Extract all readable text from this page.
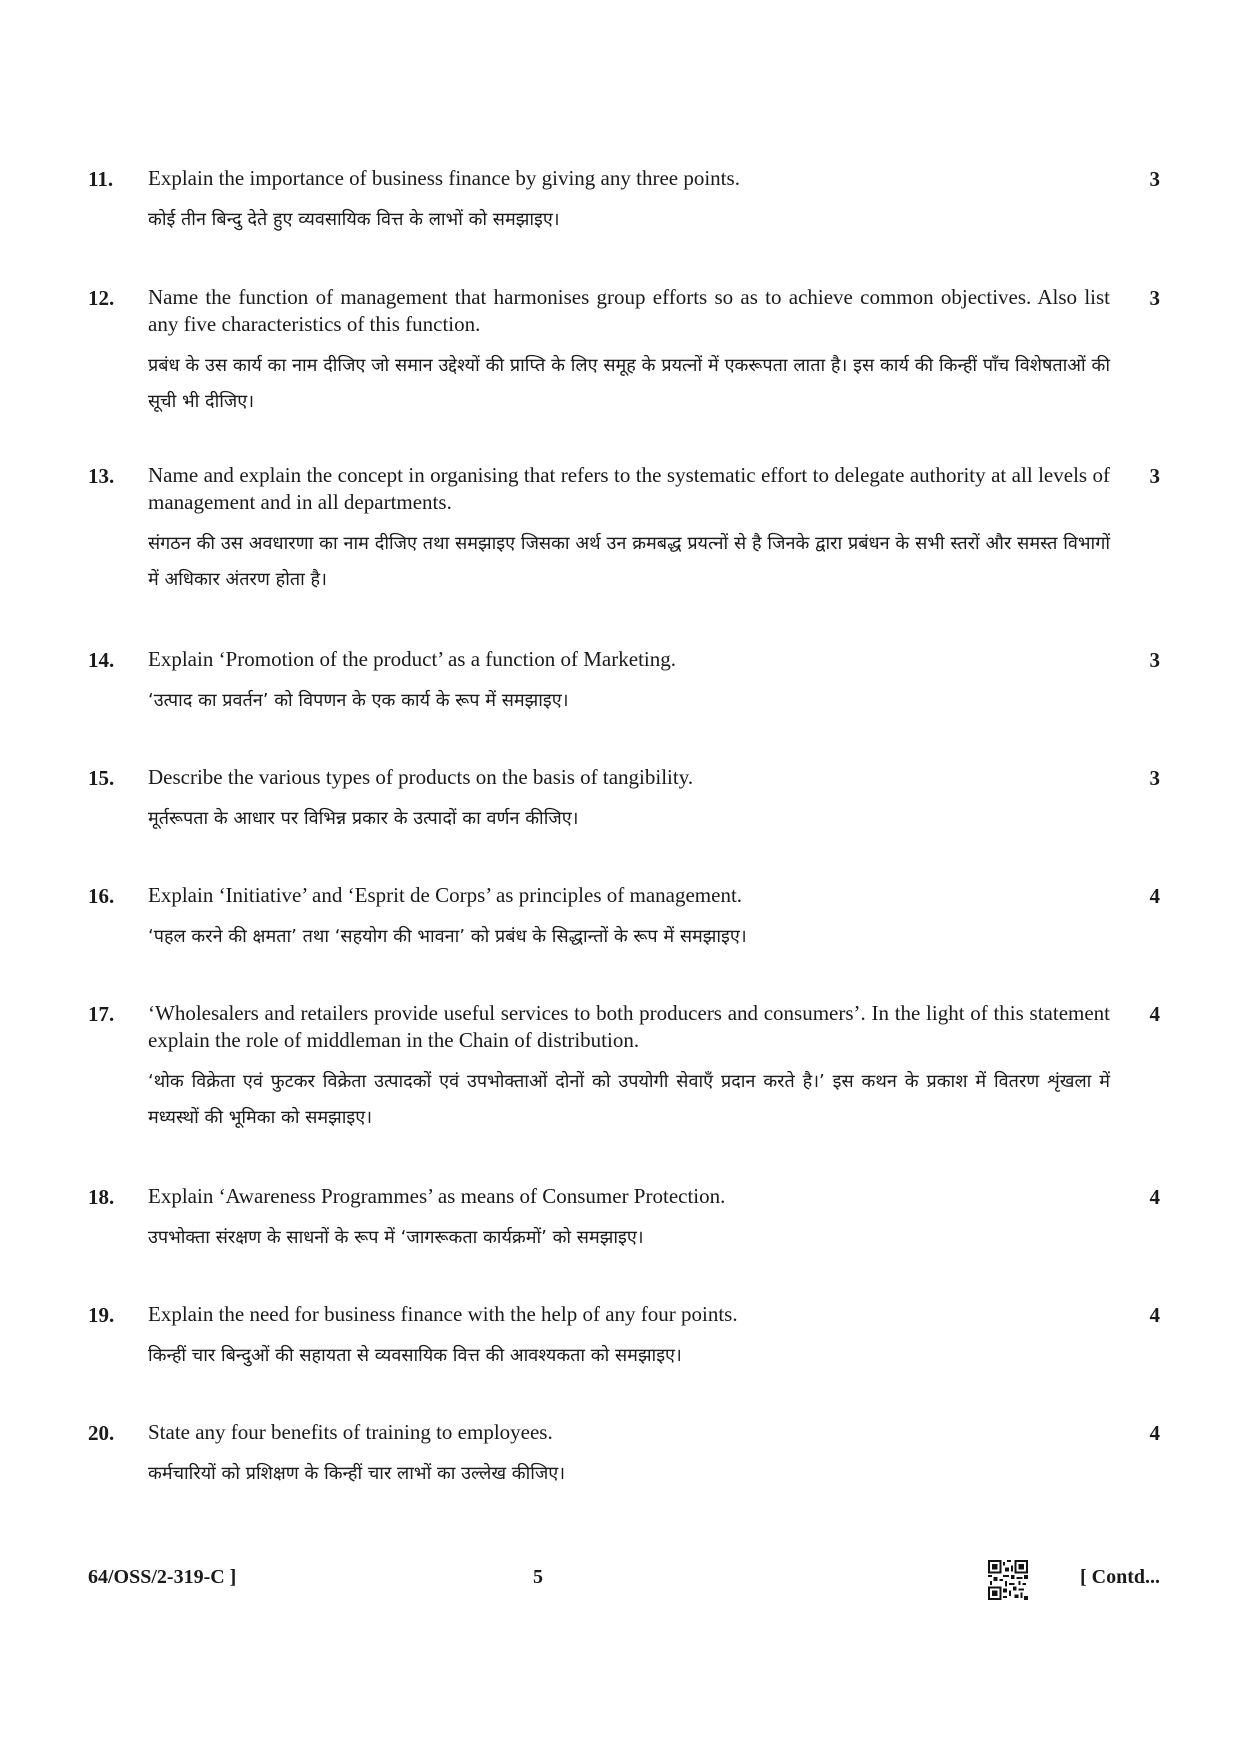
11.	3
Explain the importance of business finance by giving any three points.
कोई तीन बिन्दु देते हुए व्यवसायिक वित्त के लाभों को समझाइए।
12.	3
Name the function of management that harmonises group efforts so as to achieve common objectives. Also list any five characteristics of this function.
प्रबंध के उस कार्य का नाम दीजिए जो समान उद्देश्यों की प्राप्ति के लिए समूह के प्रयत्नों में एकरूपता लाता है। इस कार्य की किन्हीं पाँच विशेषताओं की सूची भी दीजिए।
13.	3
Name and explain the concept in organising that refers to the systematic effort to delegate authority at all levels of management and in all departments.
संगठन की उस अवधारणा का नाम दीजिए तथा समझाइए जिसका अर्थ उन क्रमबद्ध प्रयत्नों से है जिनके द्वारा प्रबंधन के सभी स्तरों और समस्त विभागों में अधिकार अंतरण होता है।
14.	3
Explain ‘Promotion of the product’ as a function of Marketing.
‘उत्पाद का प्रवर्तन’ को विपणन के एक कार्य के रूप में समझाइए।
15.	3
Describe the various types of products on the basis of tangibility.
मूर्तरूपता के आधार पर विभिन्न प्रकार के उत्पादों का वर्णन कीजिए।
16.	4
Explain ‘Initiative’ and ‘Esprit de Corps’ as principles of management.
‘पहल करने की क्षमता’ तथा ‘सहयोग की भावना’ को प्रबंध के सिद्धान्तों के रूप में समझाइए।
17.	4
‘Wholesalers and retailers provide useful services to both producers and consumers’. In the light of this statement explain the role of middleman in the Chain of distribution.
‘थोक विक्रेता एवं फुटकर विक्रेता उत्पादकों एवं उपभोक्ताओं दोनों को उपयोगी सेवाएँ प्रदान करते है।’ इस कथन के प्रकाश में वितरण शृंखला में मध्यस्थों की भूमिका को समझाइए।
18.	4
Explain ‘Awareness Programmes’ as means of Consumer Protection.
उपभोक्ता संरक्षण के साधनों के रूप में ‘जागरूकता कार्यक्रमों’ को समझाइए।
19.	4
Explain the need for business finance with the help of any four points.
किन्हीं चार बिन्दुओं की सहायता से व्यवसायिक वित्त की आवश्यकता को समझाइए।
20.	4
State any four benefits of training to employees.
कर्मचारियों को प्रशिक्षण के किन्हीं चार लाभों का उल्लेख कीजिए।
64/OSS/2-319-C ]	5	[ Contd...
